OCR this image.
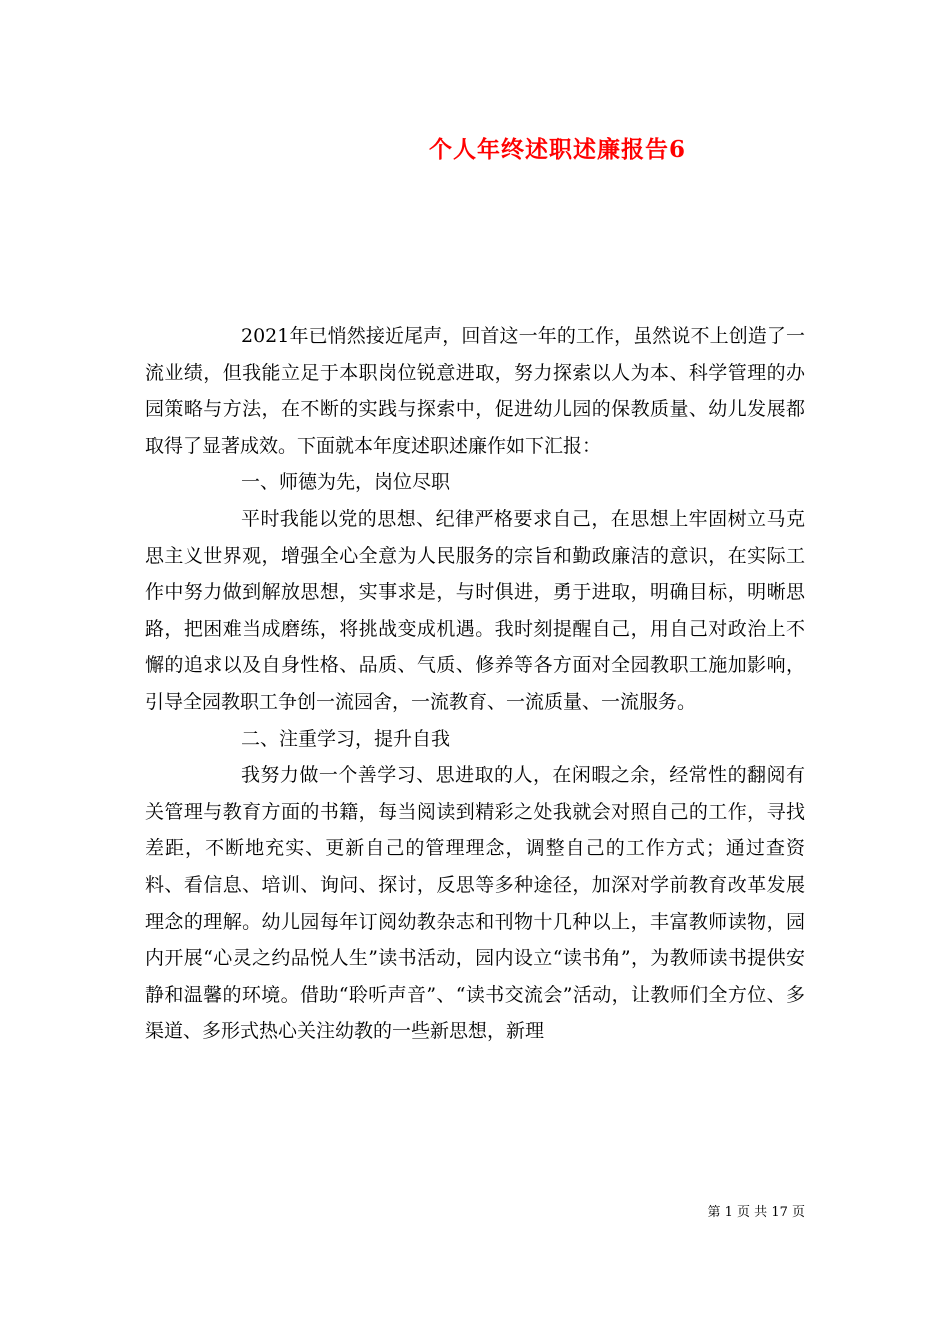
个人年终述职述廉报告6

2021年已悄然接近尾声，回首这一年的工作，虽然说不上创造了一流业绩，但我能立足于本职岗位锐意进取，努力探索以人为本、科学管理的办园策略与方法，在不断的实践与探索中，促进幼儿园的保教质量、幼儿发展都取得了显著成效。下面就本年度述职述廉作如下汇报：

一、师德为先，岗位尽职

平时我能以党的思想、纪律严格要求自己，在思想上牢固树立马克思主义世界观，增强全心全意为人民服务的宗旨和勤政廉洁的意识，在实际工作中努力做到解放思想，实事求是，与时俱进，勇于进取，明确目标，明晰思路，把困难当成磨练，将挑战变成机遇。我时刻提醒自己，用自己对政治上不懈的追求以及自身性格、品质、气质、修养等各方面对全园教职工施加影响，引导全园教职工争创一流园舍，一流教育、一流质量、一流服务。

二、注重学习，提升自我

我努力做一个善学习、思进取的人，在闲暇之余，经常性的翻阅有关管理与教育方面的书籍，每当阅读到精彩之处我就会对照自己的工作，寻找差距，不断地充实、更新自己的管理理念，调整自己的工作方式；通过查资料、看信息、培训、询问、探讨，反思等多种途径，加深对学前教育改革发展理念的理解。幼儿园每年订阅幼教杂志和刊物十几种以上，丰富教师读物，园内开展“心灵之约品悦人生”读书活动，园内设立“读书角”，为教师读书提供安静和温馨的环境。借助“聆听声音”、“读书交流会”活动，让教师们全方位、多渠道、多形式热心关注幼教的一些新思想，新理

第 1 页 共 17 页
